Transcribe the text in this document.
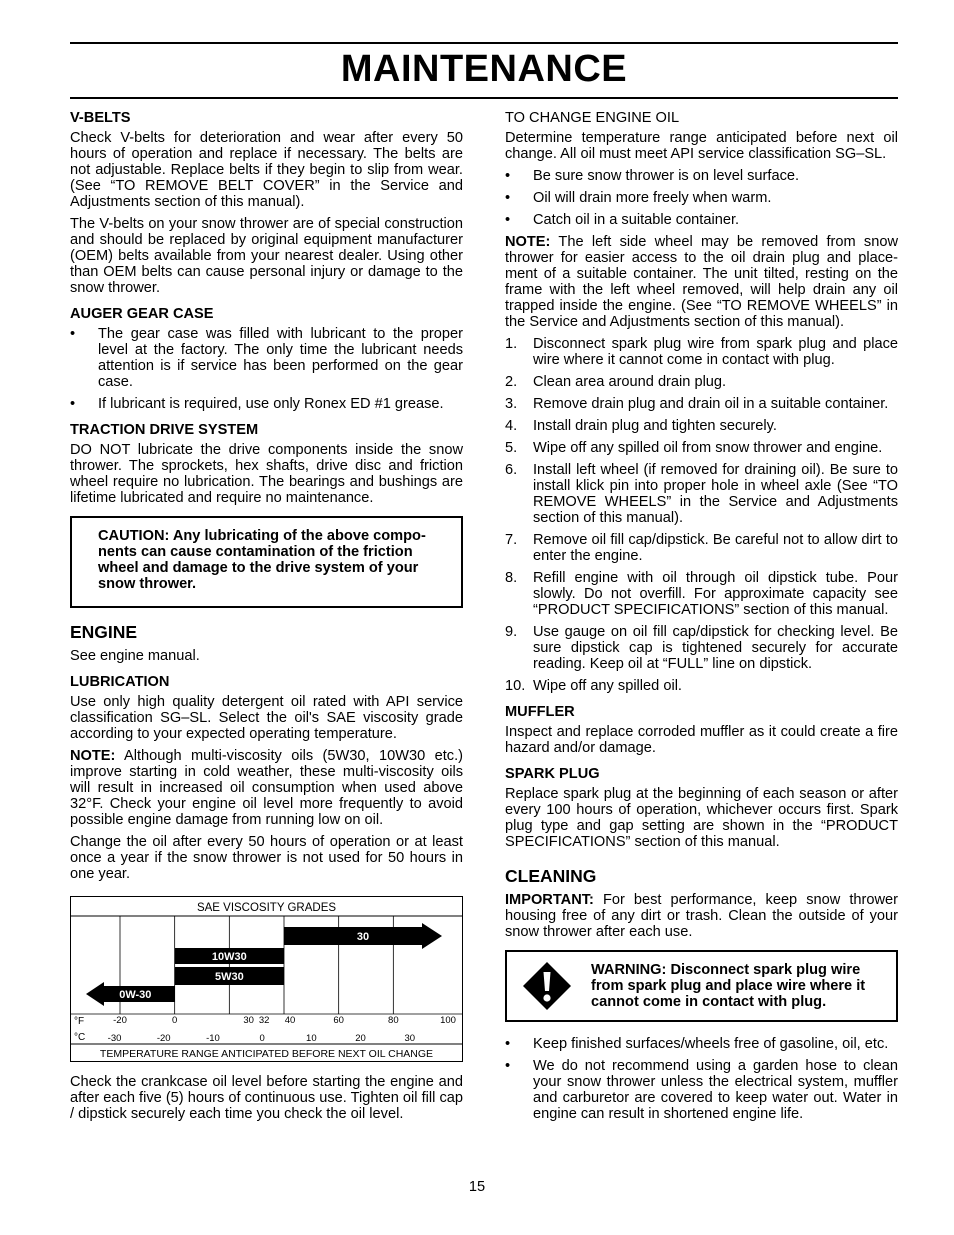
MAINTENANCE
V-BELTS

Check V-belts for deterioration and wear after every 50 hours of operation and replace if necessary. The belts are not adjustable. Replace belts if they begin to slip from wear. (See “TO REMOVE BELT COVER” in the Service and Adjustments section of this manual).

The V-belts on your snow thrower are of special construction and should be replaced by original equipment manufacturer (OEM) belts available from your nearest dealer. Using other than OEM belts can cause personal injury or damage to the snow thrower.

AUGER GEAR CASE
• The gear case was filled with lubricant to the proper level at the factory. The only time the lubricant needs attention is if service has been performed on the gear case.
• If lubricant is required, use only Ronex ED #1 grease.
TRACTION DRIVE SYSTEM

DO NOT lubricate the drive components inside the snow thrower. The sprockets, hex shafts, drive disc and friction wheel require no lubrication. The bearings and bushings are lifetime lubricated and require no maintenance.

CAUTION: Any lubricating of the above compo-nents can cause contamination of the friction wheel and damage to the drive system of your snow thrower.

ENGINE

See engine manual.

LUBRICATION

Use only high quality detergent oil rated with API service classification SG–SL. Select the oil's SAE viscosity grade according to your expected operating temperature.

NOTE: Although multi-viscosity oils (5W30, 10W30 etc.) improve starting in cold weather, these multi-viscosity oils will result in increased oil consumption when used above 32°F. Check your engine oil level more frequently to avoid possible engine damage from running low on oil.

Change the oil after every 50 hours of operation or at least once a year if the snow thrower is not used for 50 hours in one year.

SAE VISCOSITY GRADES
TEMPERATURE RANGE ANTICIPATED BEFORE NEXT OIL CHANGE
30
10W30
5W30
0W-30
°F	-20	0	30 32 40	60	80	100
°C -30	-20	-10	0	10	20	30

Check the crankcase oil level before starting the engine and after each five (5) hours of continuous use. Tighten oil fill cap / dipstick securely each time you check the oil level.

TO CHANGE ENGINE OIL

Determine temperature range anticipated before next oil change. All oil must meet API service classification SG–SL.

• Be sure snow thrower is on level surface.
• Oil will drain more freely when warm.
• Catch oil in a suitable container.

NOTE: The left side wheel may be removed from snow thrower for easier access to the oil drain plug and place-ment of a suitable container. The unit tilted, resting on the frame with the left wheel removed, will help drain any oil trapped inside the engine. (See “TO REMOVE WHEELS” in the Service and Adjustments section of this manual).

1. Disconnect spark plug wire from spark plug and place wire where it cannot come in contact with plug.
2. Clean area around drain plug.
3. Remove drain plug and drain oil in a suitable container.
4. Install drain plug and tighten securely.
5. Wipe off any spilled oil from snow thrower and engine.
6. Install left wheel (if removed for draining oil). Be sure to install klick pin into proper hole in wheel axle (See “TO REMOVE WHEELS” in the Service and Adjustments section of this manual).
7. Remove oil fill cap/dipstick. Be careful not to allow dirt to enter the engine.
8. Refill engine with oil through oil dipstick tube. Pour slowly. Do not overfill. For approximate capacity see “PRODUCT SPECIFICATIONS” section of this manual.
9. Use gauge on oil fill cap/dipstick for checking level. Be sure dipstick cap is tightened securely for accurate reading. Keep oil at “FULL” line on dipstick.
10. Wipe off any spilled oil.
MUFFLER

Inspect and replace corroded muffler as it could create a fire hazard and/or damage.

SPARK PLUG

Replace spark plug at the beginning of each season or after every 100 hours of operation, whichever occurs first. Spark plug type and gap setting are shown in the “PRODUCT SPECIFICATIONS” section of this manual.

CLEANING

IMPORTANT: For best performance, keep snow thrower housing free of any dirt or trash. Clean the outside of your snow thrower after each use.

WARNING: Disconnect spark plug wire from spark plug and place wire where it cannot come in contact with plug.

• Keep finished surfaces/wheels free of gasoline, oil, etc.
• We do not recommend using a garden hose to clean your snow thrower unless the electrical system, muffler and carburetor are covered to keep water out. Water in engine can result in shortened engine life.
15
